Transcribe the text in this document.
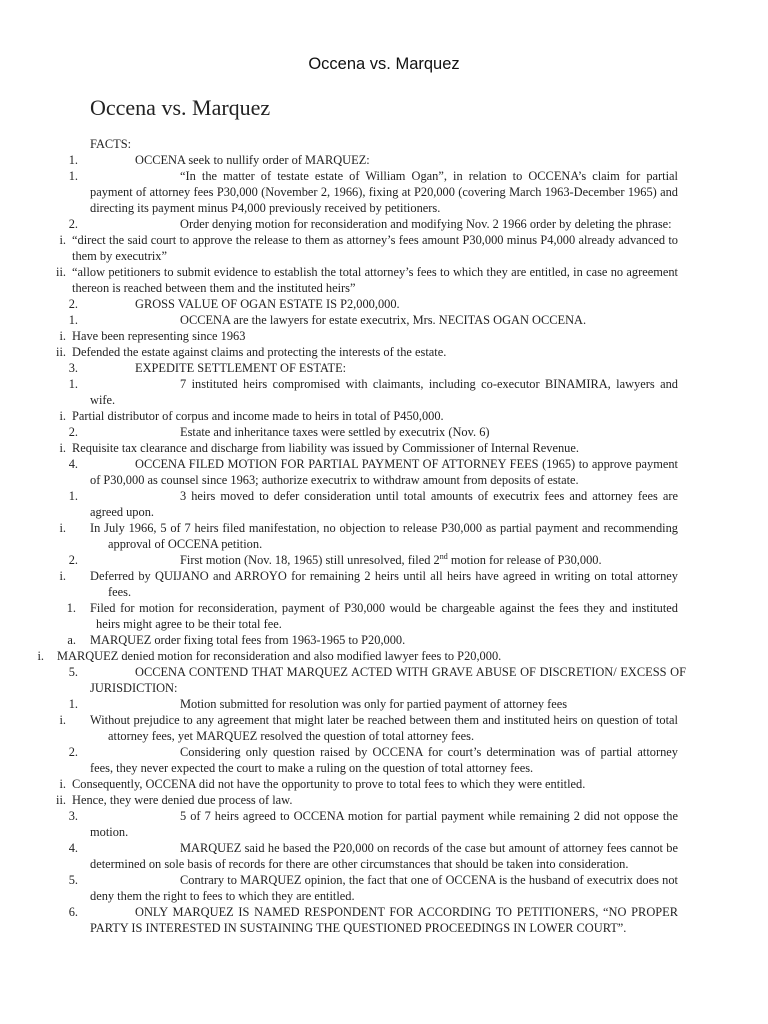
Occena vs. Marquez
Occena vs. Marquez
FACTS:
1.	OCCENA seek to nullify order of MARQUEZ:
1.	“In the matter of testate estate of William Ogan”, in relation to OCCENA’s claim for partial payment of attorney fees P30,000 (November 2, 1966), fixing at P20,000 (covering March 1963-December 1965) and directing its payment minus P4,000 previously received by petitioners.
2.	Order denying motion for reconsideration and modifying Nov. 2 1966 order by deleting the phrase:
i. “direct the said court to approve the release to them as attorney’s fees amount P30,000 minus P4,000 already advanced to them by executrix”
ii. “allow petitioners to submit evidence to establish the total attorney’s fees to which they are entitled, in case no agreement thereon is reached between them and the instituted heirs”
2.	GROSS VALUE OF OGAN ESTATE IS P2,000,000.
1.	OCCENA are the lawyers for estate executrix, Mrs. NECITAS OGAN OCCENA.
i. Have been representing since 1963
ii. Defended the estate against claims and protecting the interests of the estate.
3.	EXPEDITE SETTLEMENT OF ESTATE:
1.	7 instituted heirs compromised with claimants, including co-executor BINAMIRA, lawyers and wife.
i. Partial distributor of corpus and income made to heirs in total of P450,000.
2.	Estate and inheritance taxes were settled by executrix (Nov. 6)
i. Requisite tax clearance and discharge from liability was issued by Commissioner of Internal Revenue.
4.	OCCENA FILED MOTION FOR PARTIAL PAYMENT OF ATTORNEY FEES (1965) to approve payment of P30,000 as counsel since 1963; authorize executrix to withdraw amount from deposits of estate.
1.	3 heirs moved to defer consideration until total amounts of executrix fees and attorney fees are agreed upon.
i. In July 1966, 5 of 7 heirs filed manifestation, no objection to release P30,000 as partial payment and recommending approval of OCCENA petition.
2.	First motion (Nov. 18, 1965) still unresolved, filed 2nd motion for release of P30,000.
i. Deferred by QUIJANO and ARROYO for remaining 2 heirs until all heirs have agreed in writing on total attorney fees.
1. Filed for motion for reconsideration, payment of P30,000 would be chargeable against the fees they and instituted heirs might agree to be their total fee.
a. MARQUEZ order fixing total fees from 1963-1965 to P20,000.
i. MARQUEZ denied motion for reconsideration and also modified lawyer fees to P20,000.
5.	OCCENA CONTEND THAT MARQUEZ ACTED WITH GRAVE ABUSE OF DISCRETION/ EXCESS OF JURISDICTION:
1.	Motion submitted for resolution was only for partied payment of attorney fees
i. Without prejudice to any agreement that might later be reached between them and instituted heirs on question of total attorney fees, yet MARQUEZ resolved the question of total attorney fees.
2.	Considering only question raised by OCCENA for court’s determination was of partial attorney fees, they never expected the court to make a ruling on the question of total attorney fees.
i. Consequently, OCCENA did not have the opportunity to prove to total fees to which they were entitled.
ii. Hence, they were denied due process of law.
3.	5 of 7 heirs agreed to OCCENA motion for partial payment while remaining 2 did not oppose the motion.
4.	MARQUEZ said he based the P20,000 on records of the case but amount of attorney fees cannot be determined on sole basis of records for there are other circumstances that should be taken into consideration.
5.	Contrary to MARQUEZ opinion, the fact that one of OCCENA is the husband of executrix does not deny them the right to fees to which they are entitled.
6.	ONLY MARQUEZ IS NAMED RESPONDENT FOR ACCORDING TO PETITIONERS, “NO PROPER PARTY IS INTERESTED IN SUSTAINING THE QUESTIONED PROCEEDINGS IN LOWER COURT”.
